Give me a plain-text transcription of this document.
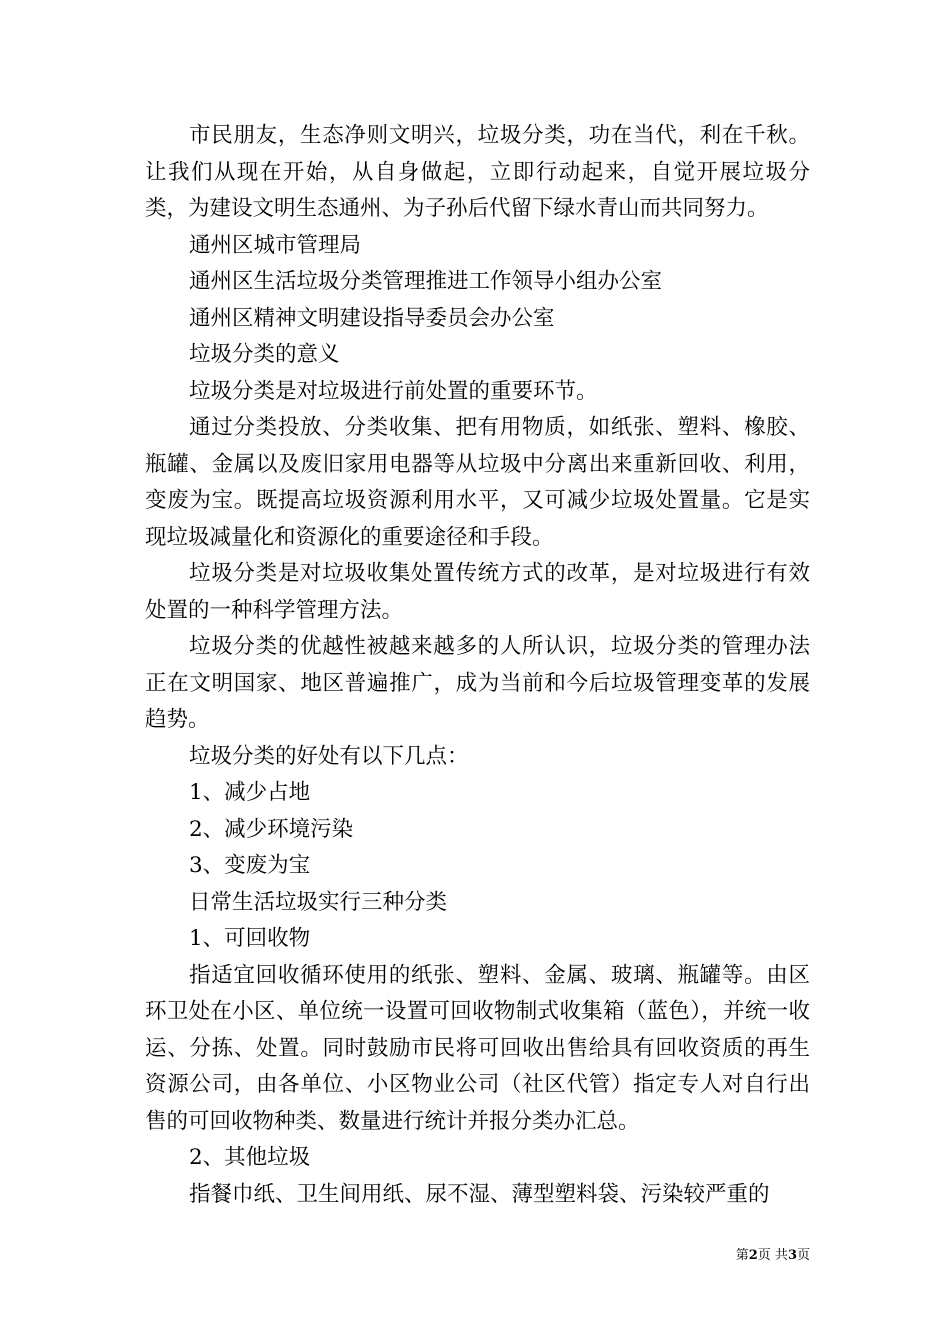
市民朋友，生态净则文明兴，垃圾分类，功在当代，利在千秋。让我们从现在开始，从自身做起，立即行动起来，自觉开展垃圾分类，为建设文明生态通州、为子孙后代留下绿水青山而共同努力。

通州区城市管理局

通州区生活垃圾分类管理推进工作领导小组办公室

通州区精神文明建设指导委员会办公室

垃圾分类的意义

垃圾分类是对垃圾进行前处置的重要环节。

通过分类投放、分类收集、把有用物质，如纸张、塑料、橡胶、瓶罐、金属以及废旧家用电器等从垃圾中分离出来重新回收、利用，变废为宝。既提高垃圾资源利用水平，又可减少垃圾处置量。它是实现垃圾减量化和资源化的重要途径和手段。

垃圾分类是对垃圾收集处置传统方式的改革，是对垃圾进行有效处置的一种科学管理方法。

垃圾分类的优越性被越来越多的人所认识，垃圾分类的管理办法正在文明国家、地区普遍推广，成为当前和今后垃圾管理变革的发展趋势。

垃圾分类的好处有以下几点：

1、减少占地

2、减少环境污染

3、变废为宝

日常生活垃圾实行三种分类

1、可回收物

指适宜回收循环使用的纸张、塑料、金属、玻璃、瓶罐等。由区环卫处在小区、单位统一设置可回收物制式收集箱（蓝色），并统一收运、分拣、处置。同时鼓励市民将可回收出售给具有回收资质的再生资源公司，由各单位、小区物业公司（社区代管）指定专人对自行出售的可回收物种类、数量进行统计并报分类办汇总。

2、其他垃圾

指餐巾纸、卫生间用纸、尿不湿、薄型塑料袋、污染较严重的

第2页 共3页
